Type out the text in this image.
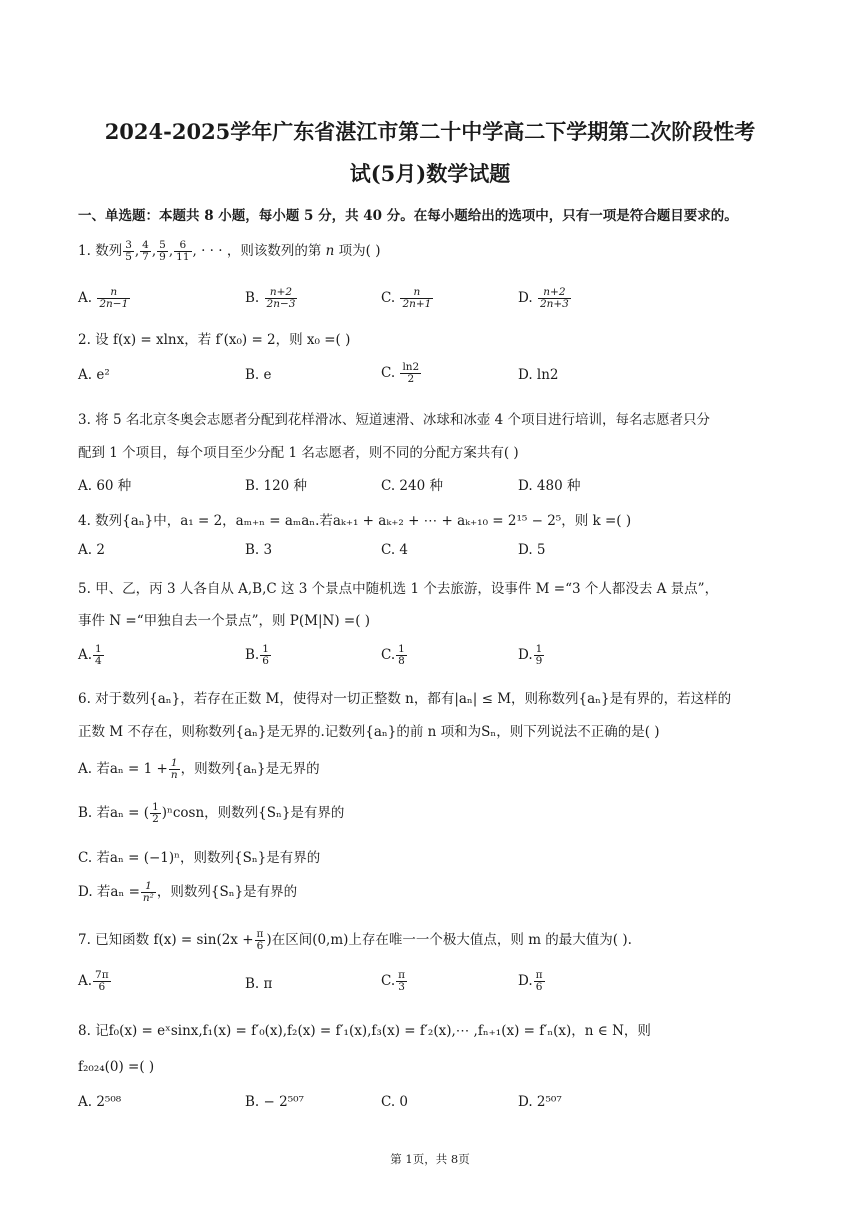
2024-2025学年广东省湛江市第二十中学高二下学期第二次阶段性考
试(5月)数学试题
一、单选题：本题共 8 小题，每小题 5 分，共 40 分。在每小题给出的选项中，只有一项是符合题目要求的。
1. 数列 $\frac{3}{5}$ , $\frac{4}{7}$ , $\frac{5}{9}$ , $\frac{6}{11}$ , · · · ，则该数列的第 n 项为( )
A. $\frac{n}{2n-1}$	B. $\frac{n+2}{2n-3}$	C. $\frac{n}{2n+1}$	D. $\frac{n+2}{2n+3}$
2. 设 f(x) = xlnx，若 f′(x₀) = 2，则 x₀ =( )
A. e²	B. e	C. $\frac{\ln 2}{2}$	D. ln2
3. 将 5 名北京冬奥会志愿者分配到花样滑冰、短道速滑、冰球和冰壶 4 个项目进行培训，每名志愿者只分
配到 1 个项目，每个项目至少分配 1 名志愿者，则不同的分配方案共有( )
A. 60 种	B. 120 种	C. 240 种	D. 480 种
4. 数列{aₙ}中，a₁ = 2，aₘ₊ₙ = aₘaₙ.若aₖ₊₁ + aₖ₊₂ + ⋯ + aₖ₊₁₀ = 2¹⁵ − 2⁵，则 k =( )
A. 2	B. 3	C. 4	D. 5
5. 甲、乙，丙 3 人各自从 A,B,C 这 3 个景点中随机选 1 个去旅游，设事件 M =“3 个人都没去 A 景点”，
事件 N =“甲独自去一个景点”，则 P(M|N) =( )
A. $\frac{1}{4}$	B. $\frac{1}{6}$	C. $\frac{1}{8}$	D. $\frac{1}{9}$
6. 对于数列{aₙ}，若存在正数 M，使得对一切正整数 n，都有|aₙ| ≤ M，则称数列{aₙ}是有界的，若这样的
正数 M 不存在，则称数列{aₙ}是无界的.记数列{aₙ}的前 n 项和为Sₙ，则下列说法不正确的是( )
A. 若$a_n = 1 + \frac{1}{n}$ ，则数列{aₙ}是无界的
B. 若aₙ = ( $\frac{1}{2} )^n\cos n$，则数列{Sₙ}是有界的
C. 若aₙ = (−1)ⁿ，则数列{Sₙ}是有界的
D. 若$a_n = \frac{1}{\text{n²}}$ ，则数列{Sₙ}是有界的
7. 已知函数 $f(x) = \sin(2x + \frac{\pi}{6}$ )在区间(0,m)上存在唯一一个极大值点，则 m 的最大值为( ).
A. $\frac{7\pi}{6}$	B. π	C. $\frac{\pi}{3}$	D. $\frac{\pi}{6}$
8. 记f₀(x) = eˣsinx,f₁(x) = f′₀(x),f₂(x) = f′₁(x),f₃(x) = f′₂(x),⋯ ,fₙ₊₁(x) = f′ₙ(x)，n ∈ N，则
f₂₀₂₄(0) =( )
A. 2⁵⁰⁸	B. − 2⁵⁰⁷	C. 0	D. 2⁵⁰⁷
第 1页，共 8页
